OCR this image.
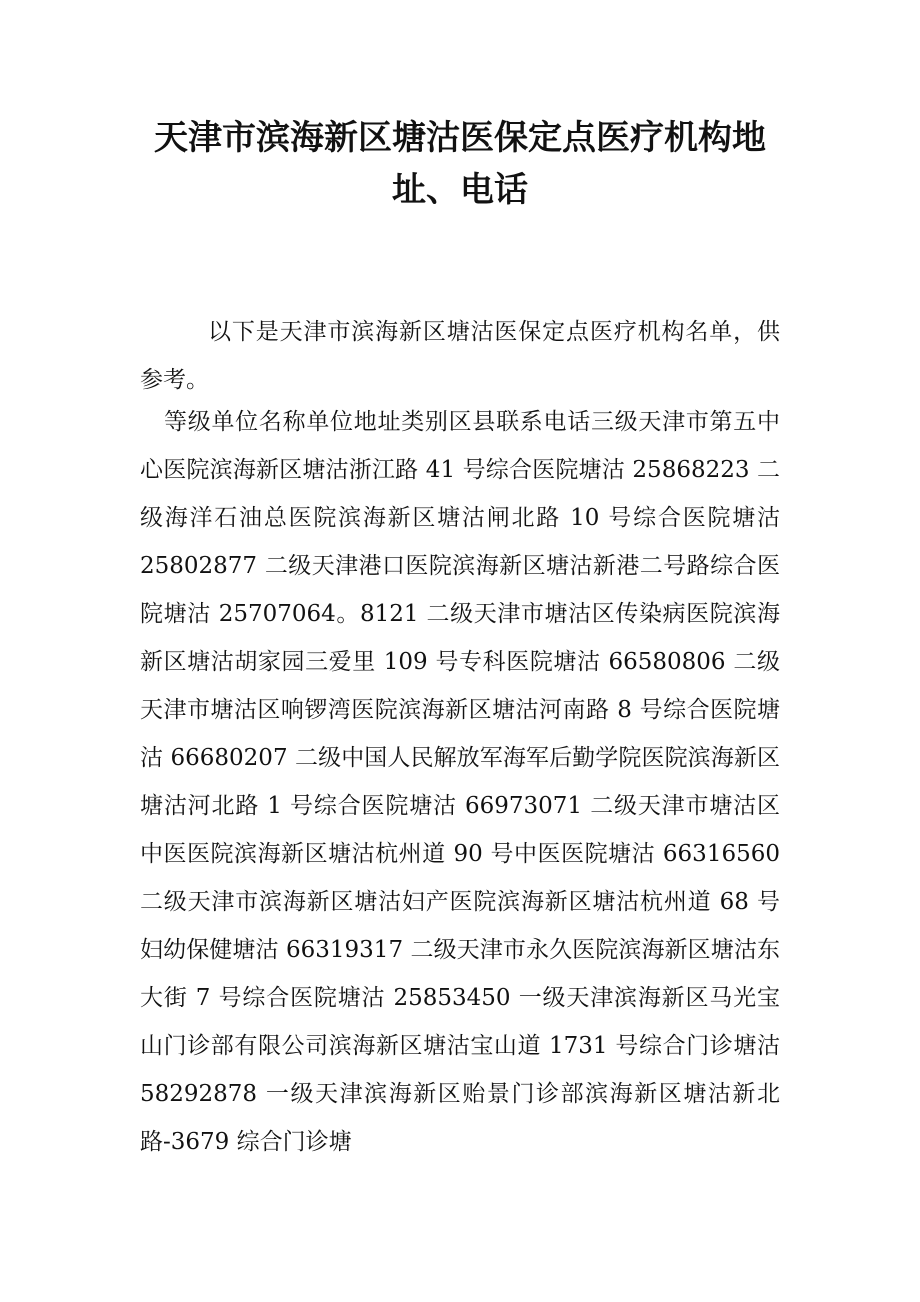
天津市滨海新区塘沽医保定点医疗机构地
址、电话

以下是天津市滨海新区塘沽医保定点医疗机构名单，供参考。

等级单位名称单位地址类别区县联系电话三级天津市第五中心医院滨海新区塘沽浙江路 41 号综合医院塘沽 25868223 二级海洋石油总医院滨海新区塘沽闸北路 10 号综合医院塘沽 25802877 二级天津港口医院滨海新区塘沽新港二号路综合医院塘沽 25707064。8121 二级天津市塘沽区传染病医院滨海新区塘沽胡家园三爱里 109 号专科医院塘沽 66580806 二级天津市塘沽区响锣湾医院滨海新区塘沽河南路 8 号综合医院塘沽 66680207 二级中国人民解放军海军后勤学院医院滨海新区塘沽河北路 1 号综合医院塘沽 66973071 二级天津市塘沽区中医医院滨海新区塘沽杭州道 90 号中医医院塘沽 66316560 二级天津市滨海新区塘沽妇产医院滨海新区塘沽杭州道 68 号妇幼保健塘沽 66319317 二级天津市永久医院滨海新区塘沽东大街 7 号综合医院塘沽 25853450 一级天津滨海新区马光宝山门诊部有限公司滨海新区塘沽宝山道 1731 号综合门诊塘沽 58292878 一级天津滨海新区贻景门诊部滨海新区塘沽新北路-3679 综合门诊塘
